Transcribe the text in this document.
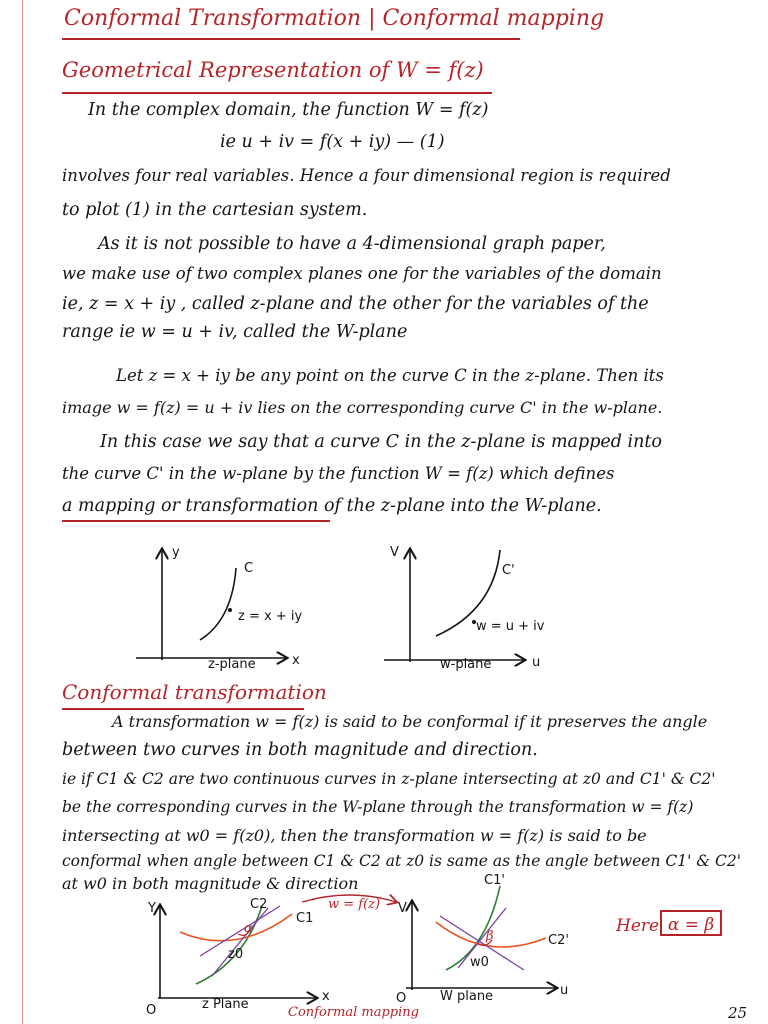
Conformal Transformation | Conformal mapping
Geometrical Representation of W = f(z)
In the complex domain, the function W = f(z)
ie u + iv = f(x + iy) — (1)
involves four real variables. Hence a four dimensional region is required
to plot (1) in the cartesian system.
As it is not possible to have a 4-dimensional graph paper,
we make use of two complex planes one for the variables of the domain
ie, z = x + iy , called z-plane and the other for the variables of the
range ie w = u + iv, called the W-plane
Let z = x + iy be any point on the curve C in the z-plane. Then its
image w = f(z) = u + iv lies on the corresponding curve C' in the w-plane.
In this case we say that a curve C in the z-plane is mapped into
the curve C' in the w-plane by the function W = f(z) which defines
a mapping or transformation of the z-plane into the W-plane.
y
x
C
z = x + iy
z-plane
V
u
C'
w = u + iv
w-plane
Conformal transformation
A transformation w = f(z) is said to be conformal if it preserves the angle
between two curves in both magnitude and direction.
ie if C1 & C2 are two continuous curves in z-plane intersecting at z0 and C1' & C2'
be the corresponding curves in the W-plane through the transformation w = f(z)
intersecting at w0 = f(z0), then the transformation w = f(z) is said to be
conformal when angle between C1 & C2 at z0 is same as the angle between C1' & C2'
at w0 in both magnitude & direction
w = f(z)
Y
x
O
C2
C1
α
z0
z Plane
V
u
O
C1'
C2'
β
w0
W plane
Conformal mapping
Here α = β
25
